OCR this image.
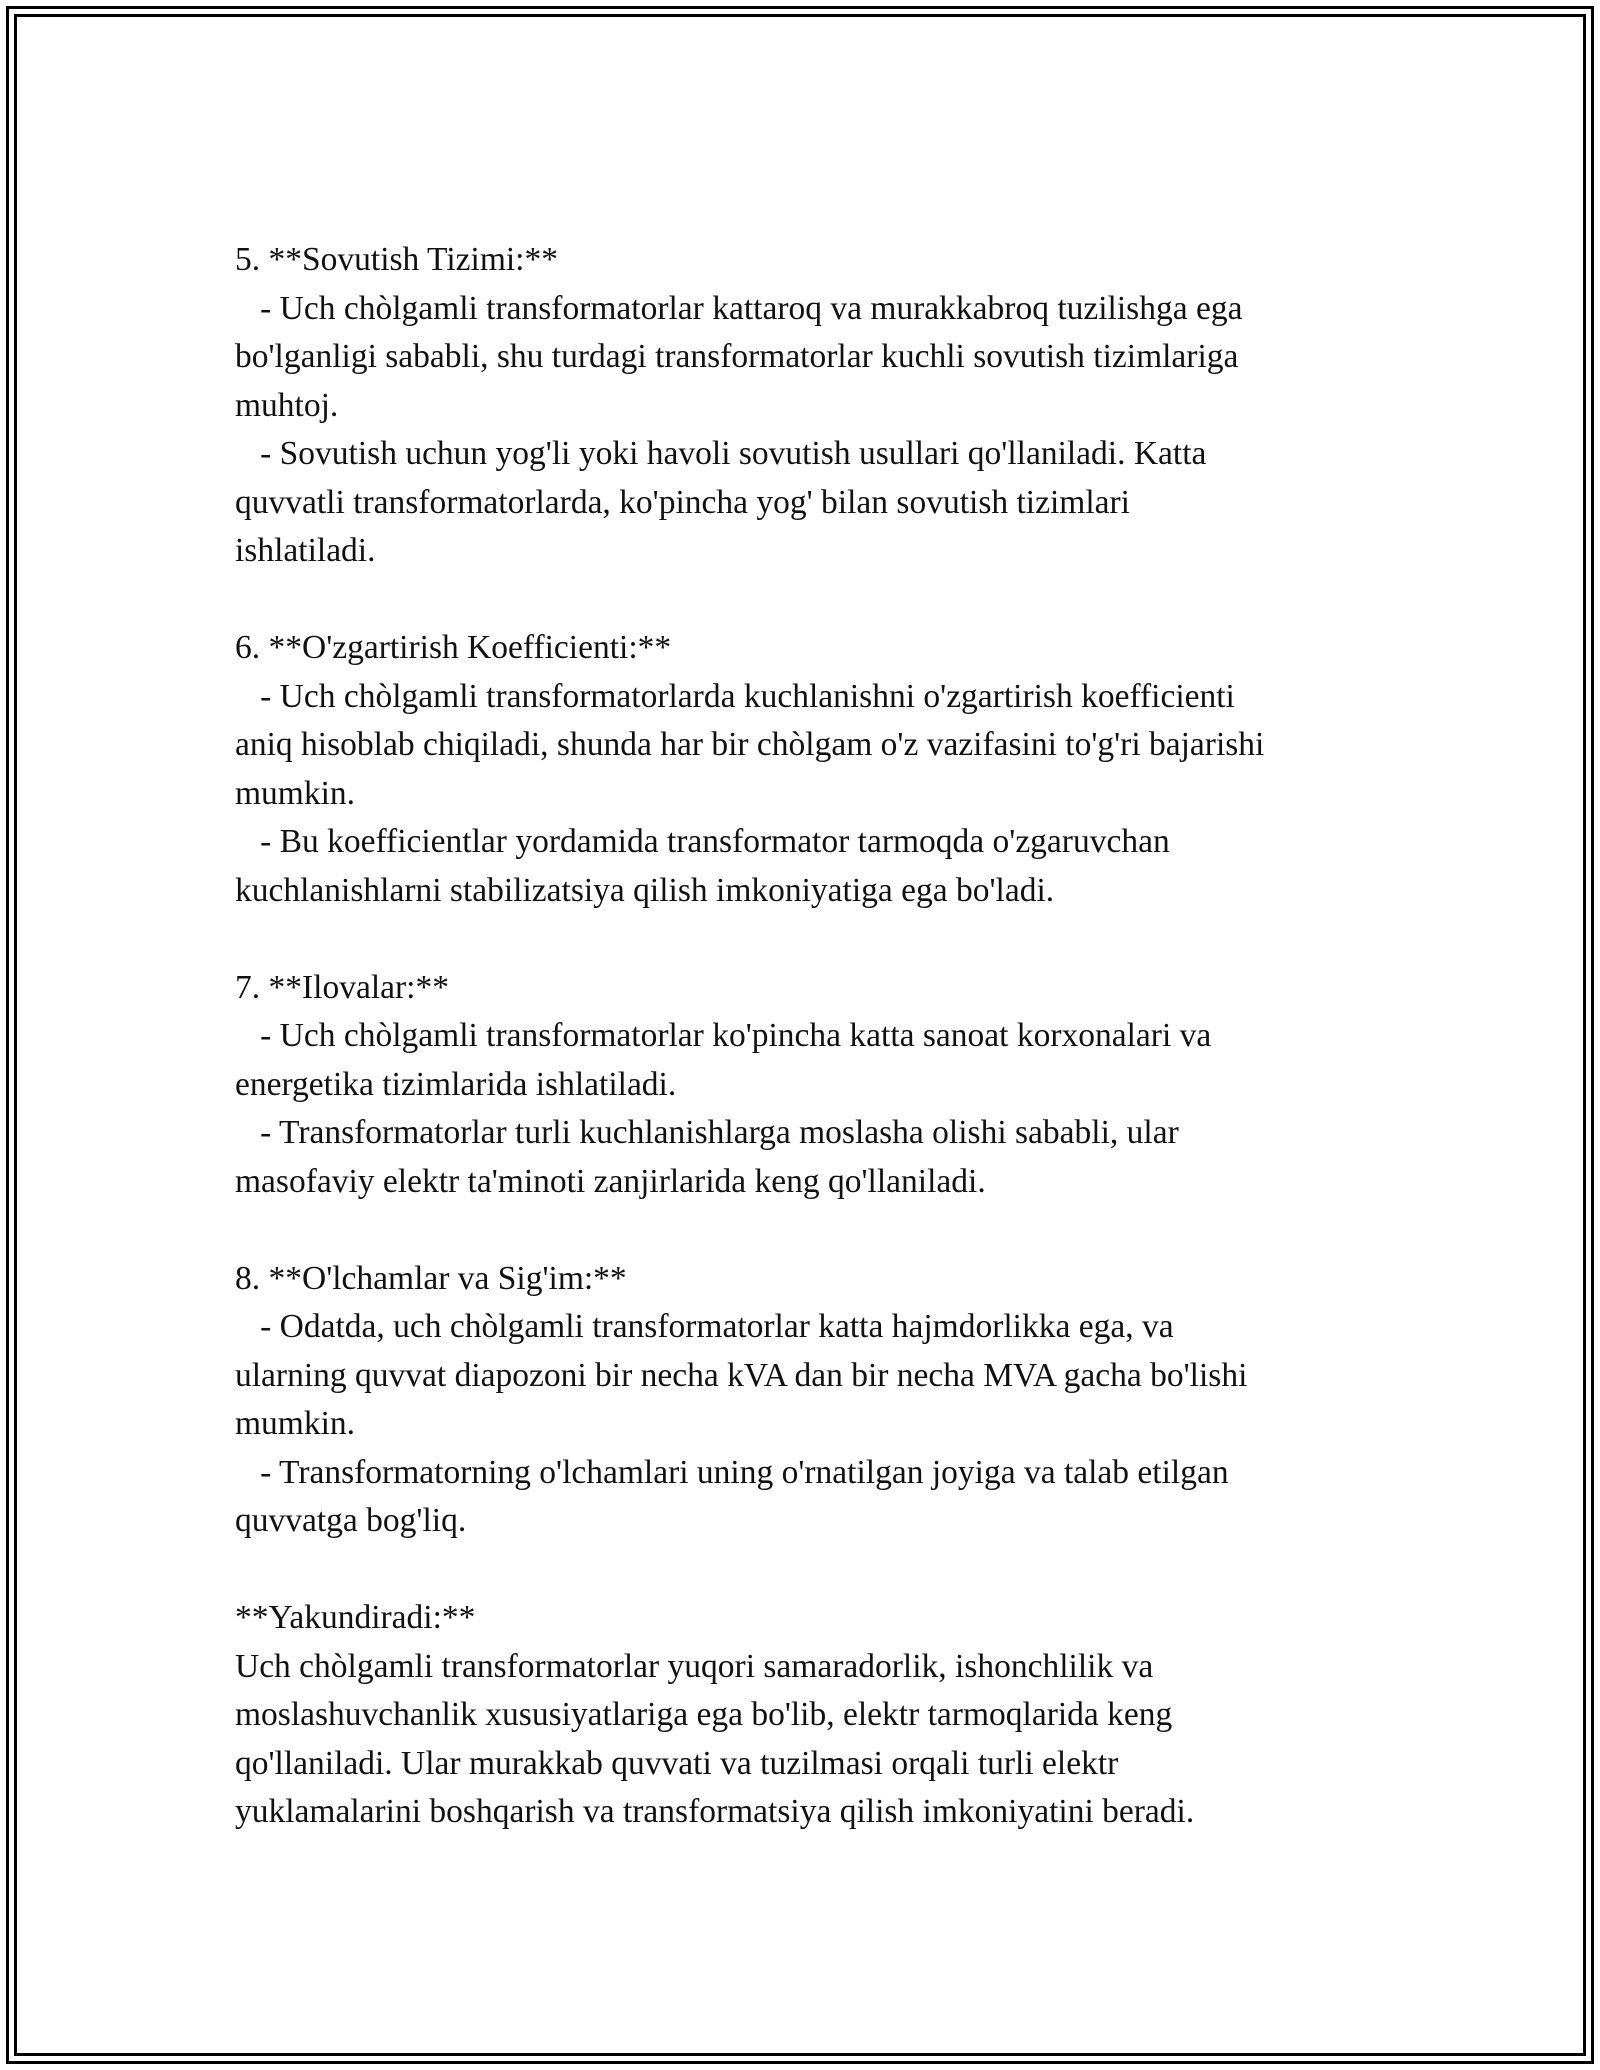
5. **Sovutish Tizimi:**

- Uch chòlgamli transformatorlar kattaroq va murakkabroq tuzilishga ega

bo'lganligi sababli, shu turdagi transformatorlar kuchli sovutish tizimlariga

muhtoj.

- Sovutish uchun yog'li yoki havoli sovutish usullari qo'llaniladi. Katta

quvvatli transformatorlarda, ko'pincha yog' bilan sovutish tizimlari

ishlatiladi.

6. **O'zgartirish Koefficienti:**

- Uch chòlgamli transformatorlarda kuchlanishni o'zgartirish koefficienti

aniq hisoblab chiqiladi, shunda har bir chòlgam o'z vazifasini to'g'ri bajarishi

mumkin.

- Bu koefficientlar yordamida transformator tarmoqda o'zgaruvchan

kuchlanishlarni stabilizatsiya qilish imkoniyatiga ega bo'ladi.

7. **Ilovalar:**

- Uch chòlgamli transformatorlar ko'pincha katta sanoat korxonalari va

energetika tizimlarida ishlatiladi.

- Transformatorlar turli kuchlanishlarga moslasha olishi sababli, ular

masofaviy elektr ta'minoti zanjirlarida keng qo'llaniladi.

8. **O'lchamlar va Sig'im:**

- Odatda, uch chòlgamli transformatorlar katta hajmdorlikka ega, va

ularning quvvat diapozoni bir necha kVA dan bir necha MVA gacha bo'lishi

mumkin.

- Transformatorning o'lchamlari uning o'rnatilgan joyiga va talab etilgan

quvvatga bog'liq.

**Yakundiradi:**

Uch chòlgamli transformatorlar yuqori samaradorlik, ishonchlilik va

moslashuvchanlik xususiyatlariga ega bo'lib, elektr tarmoqlarida keng

qo'llaniladi. Ular murakkab quvvati va tuzilmasi orqali turli elektr

yuklamalarini boshqarish va transformatsiya qilish imkoniyatini beradi.
